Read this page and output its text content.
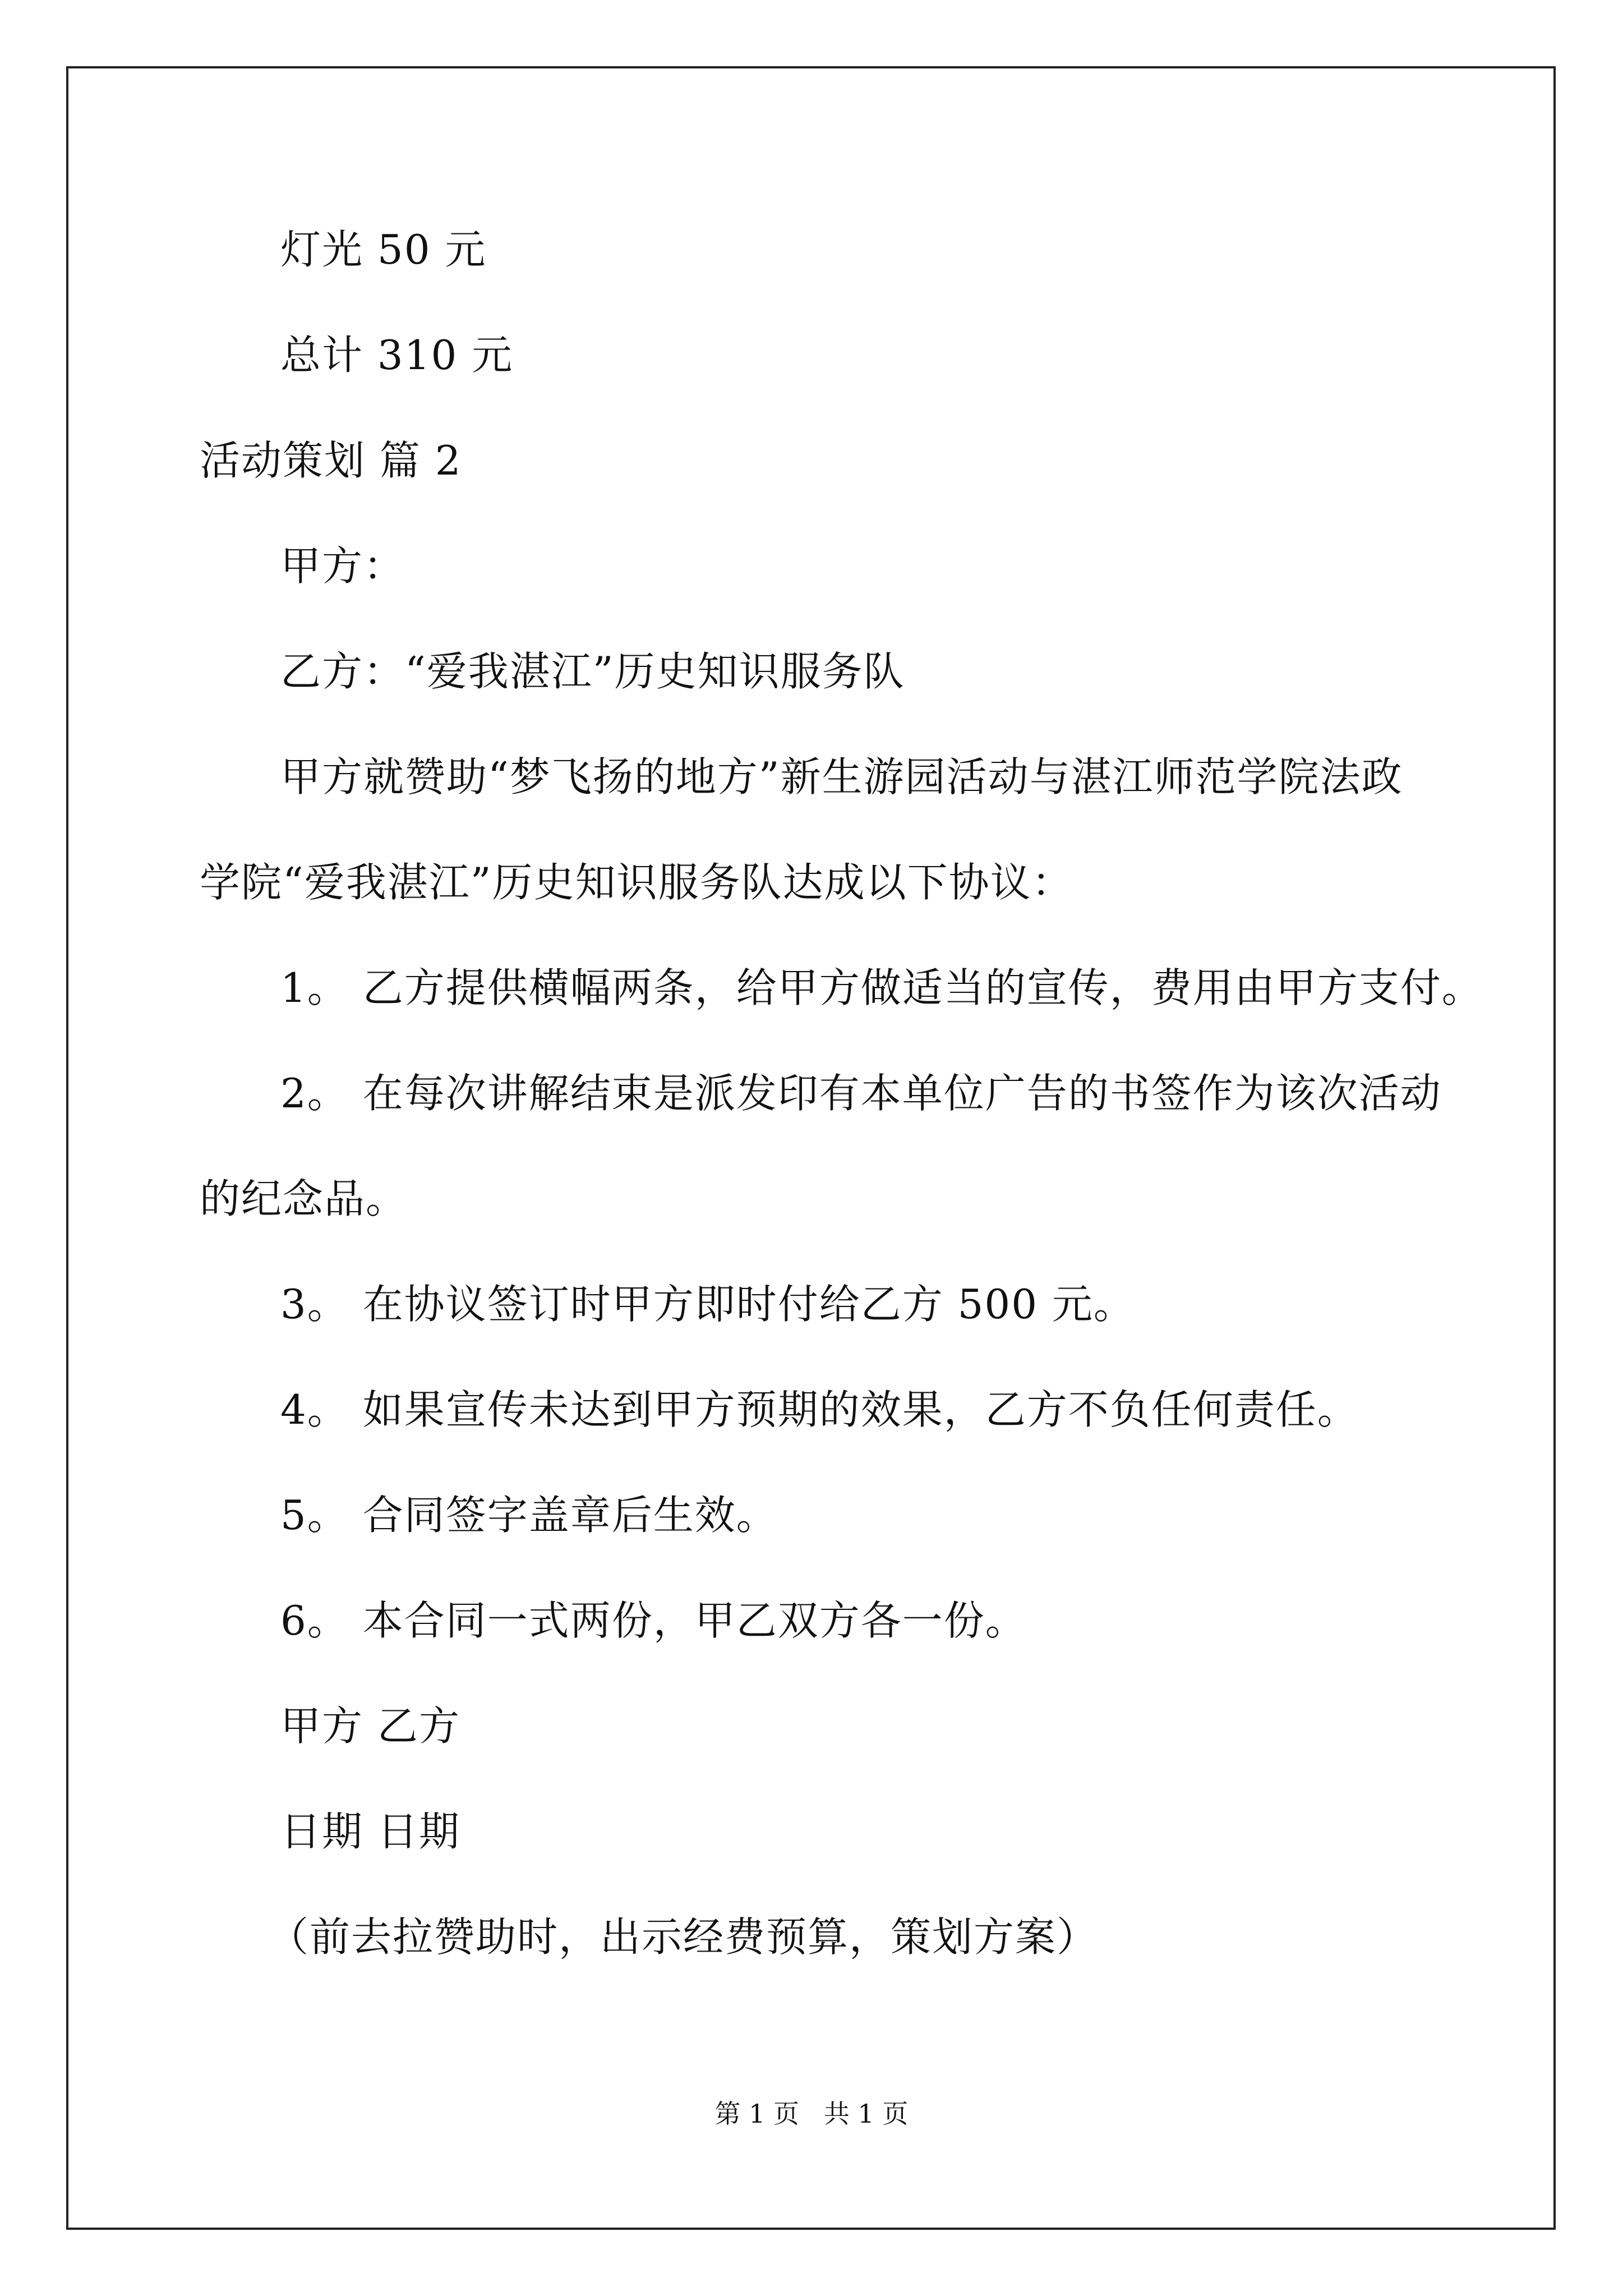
灯光 50 元
总计 310 元
活动策划 篇 2
甲方：
乙方：“爱我湛江”历史知识服务队
甲方就赞助“梦飞扬的地方”新生游园活动与湛江师范学院法政
学院“爱我湛江”历史知识服务队达成以下协议：
1。 乙方提供横幅两条，给甲方做适当的宣传，费用由甲方支付。
2。 在每次讲解结束是派发印有本单位广告的书签作为该次活动
的纪念品。
3。 在协议签订时甲方即时付给乙方 500 元。
4。 如果宣传未达到甲方预期的效果，乙方不负任何责任。
5。 合同签字盖章后生效。
6。 本合同一式两份，甲乙双方各一份。
甲方 乙方
日期 日期
（前去拉赞助时，出示经费预算，策划方案）
第 1 页   共 1 页
